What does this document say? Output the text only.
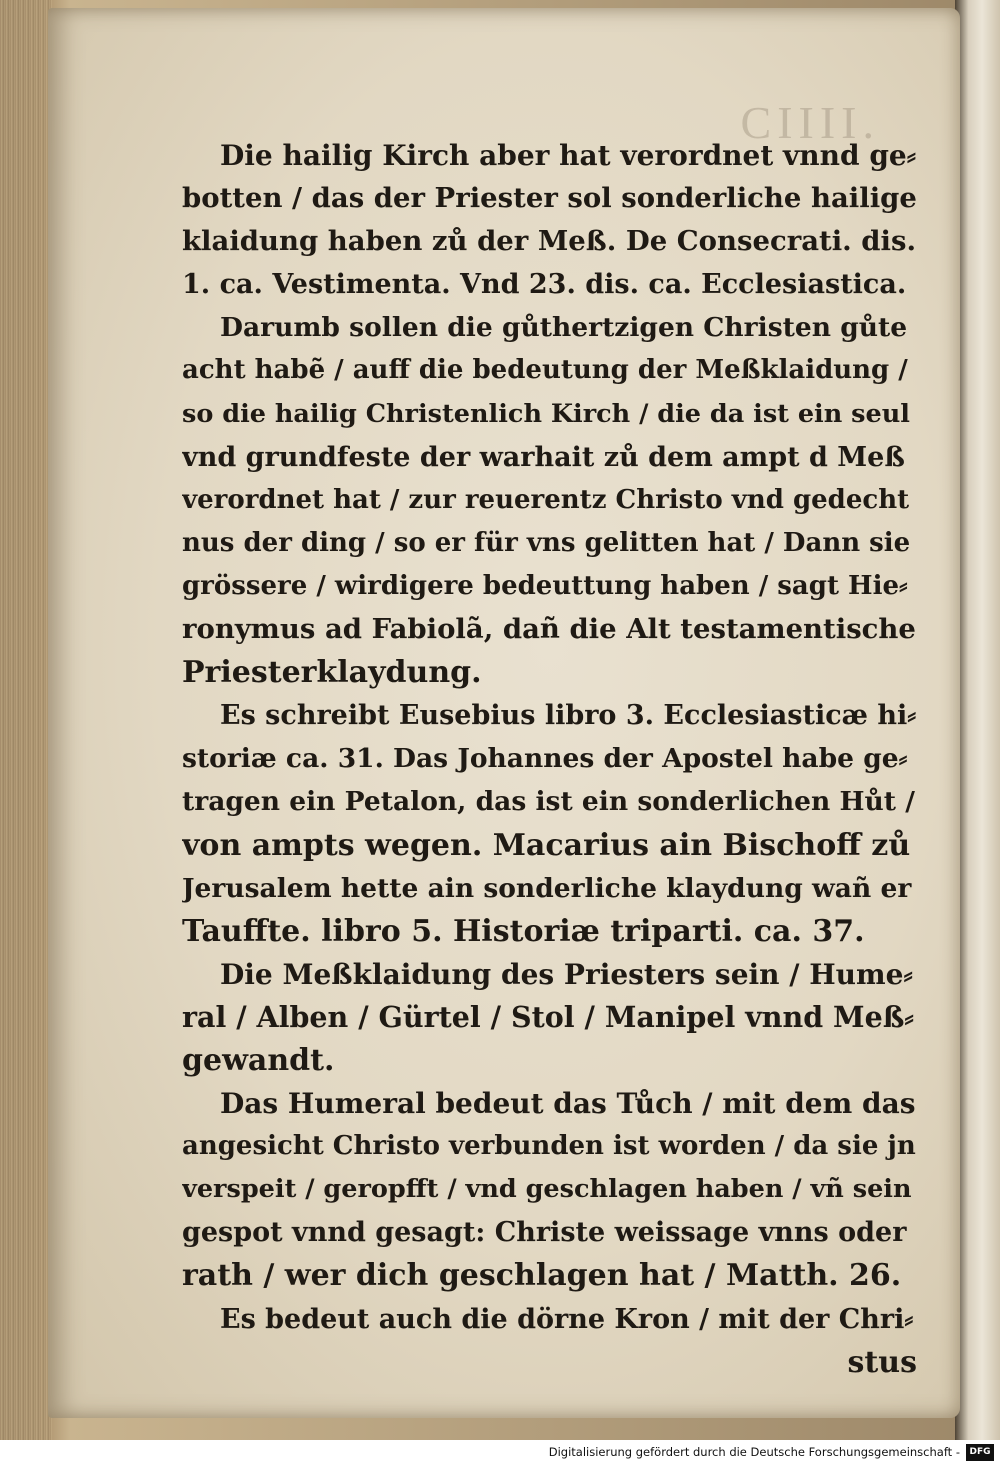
CIIII.
Die hailig Kirch aber hat verordnet vnnd ge⸗
botten / das der Priester sol sonderliche hailige
klaidung haben zů der Meß. De Consecrati. dis.
1. ca. Vestimenta. Vnd 23. dis. ca. Ecclesiastica.
Darumb sollen die gůthertzigen Christen gůte
acht habẽ / auff die bedeutung der Meßklaidung /
so die hailig Christenlich Kirch / die da ist ein seul
vnd grundfeste der warhait zů dem ampt d Meß
verordnet hat / zur reuerentz Christo vnd gedecht
nus der ding / so er für vns gelitten hat / Dann sie
grössere / wirdigere bedeuttung haben / sagt Hie⸗
ronymus ad Fabiolã, dañ die Alt testamentische
Priesterklaydung.
Es schreibt Eusebius libro 3. Ecclesiasticæ hi⸗
storiæ ca. 31. Das Johannes der Apostel habe ge⸗
tragen ein Petalon, das ist ein sonderlichen Hůt /
von ampts wegen. Macarius ain Bischoff zů
Jerusalem hette ain sonderliche klaydung wañ er
Tauffte. libro 5. Historiæ triparti. ca. 37.
Die Meßklaidung des Priesters sein / Hume⸗
ral / Alben / Gürtel / Stol / Manipel vnnd Meß⸗
gewandt.
Das Humeral bedeut das Tůch / mit dem das
angesicht Christo verbunden ist worden / da sie jn
verspeit / geropfft / vnd geschlagen haben / vñ sein
gespot vnnd gesagt: Christe weissage vnns oder
rath / wer dich geschlagen hat / Matth. 26.
Es bedeut auch die dörne Kron / mit der Chri⸗
stus
Digitalisierung gefördert durch die Deutsche Forschungsgemeinschaft -	DFG
